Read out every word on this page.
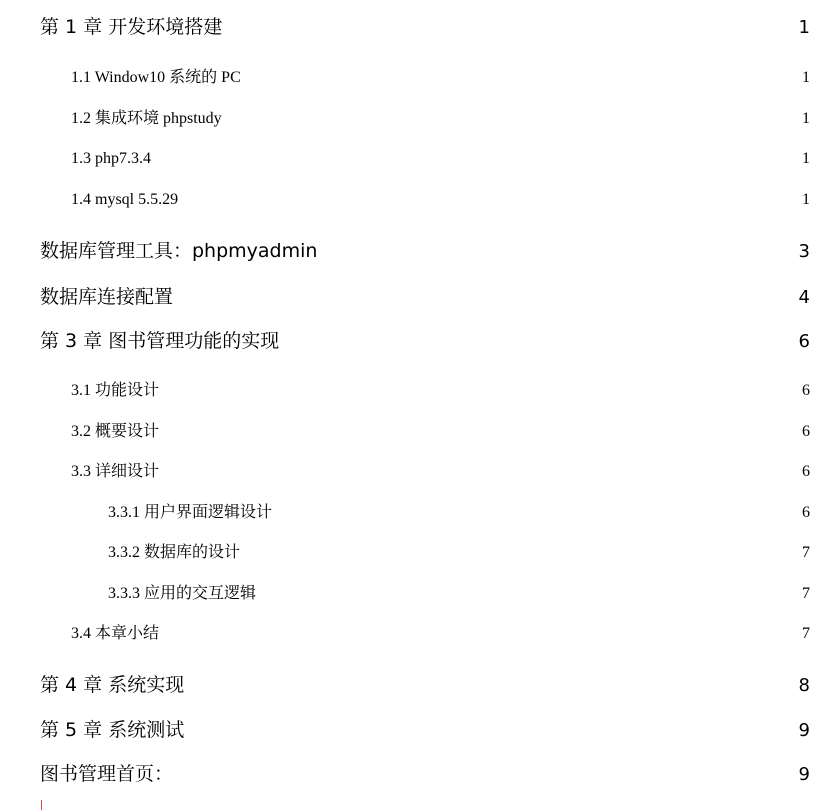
第 1 章 开发环境搭建	1
1.1 Window10 系统的 PC	1
1.2 集成环境 phpstudy	1
1.3 php7.3.4	1
1.4 mysql 5.5.29	1
数据库管理工具：phpmyadmin	3
数据库连接配置	4
第 3 章 图书管理功能的实现	6
3.1 功能设计	6
3.2 概要设计	6
3.3 详细设计	6
3.3.1 用户界面逻辑设计	6
3.3.2 数据库的设计	7
3.3.3 应用的交互逻辑	7
3.4 本章小结	7
第 4 章 系统实现	8
第 5 章 系统测试	9
图书管理首页：	9
